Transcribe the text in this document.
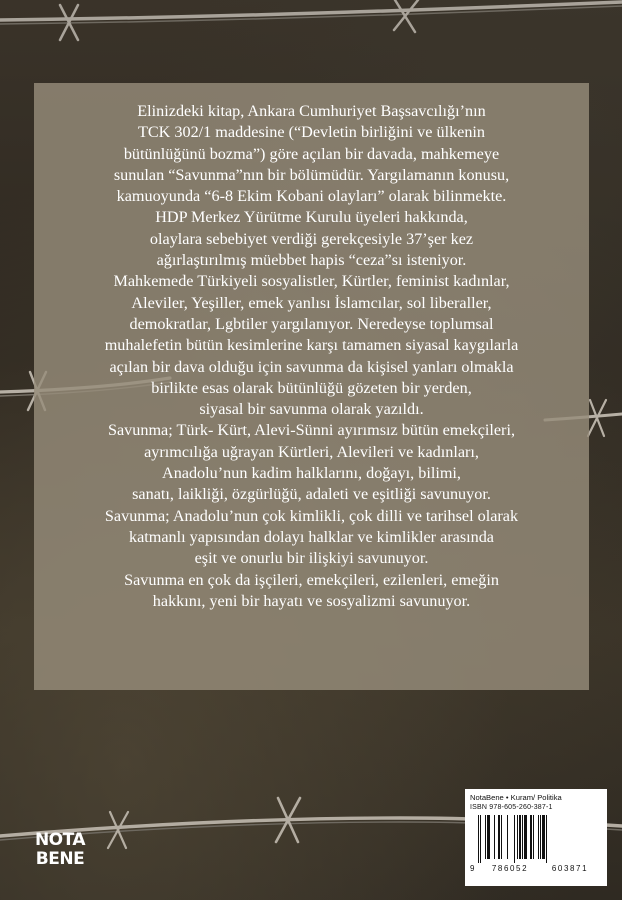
Elinizdeki kitap, Ankara Cumhuriyet Başsavcılığı’nın
TCK 302/1 maddesine (“Devletin birliğini ve ülkenin
bütünlüğünü bozma”) göre açılan bir davada, mahkemeye
sunulan “Savunma”nın bir bölümüdür. Yargılamanın konusu,
kamuoyunda “6-8 Ekim Kobani olayları” olarak bilinmekte.
HDP Merkez Yürütme Kurulu üyeleri hakkında,
olaylara sebebiyet verdiği gerekçesiyle 37’şer kez
ağırlaştırılmış müebbet hapis “ceza”sı isteniyor.
Mahkemede Türkiyeli sosyalistler, Kürtler, feminist kadınlar,
Aleviler, Yeşiller, emek yanlısı İslamcılar, sol liberaller,
demokratlar, Lgbtiler yargılanıyor. Neredeyse toplumsal
muhalefetin bütün kesimlerine karşı tamamen siyasal kaygılarla
açılan bir dava olduğu için savunma da kişisel yanları olmakla
birlikte esas olarak bütünlüğü gözeten bir yerden,
siyasal bir savunma olarak yazıldı.
Savunma; Türk- Kürt, Alevi-Sünni ayırımsız bütün emekçileri,
ayrımcılığa uğrayan Kürtleri, Alevileri ve kadınları,
Anadolu’nun kadim halklarını, doğayı, bilimi,
sanatı, laikliği, özgürlüğü, adaleti ve eşitliği savunuyor.
Savunma; Anadolu’nun çok kimlikli, çok dilli ve tarihsel olarak
katmanlı yapısından dolayı halklar ve kimlikler arasında
eşit ve onurlu bir ilişkiyi savunuyor.
Savunma en çok da işçileri, emekçileri, ezilenleri, emeğin
hakkını, yeni bir hayatı ve sosyalizmi savunuyor.

NotaBene • Kuram/ Politika
ISBN 978-605-260-387-1
9	786052	603871
NOTA
BENE
